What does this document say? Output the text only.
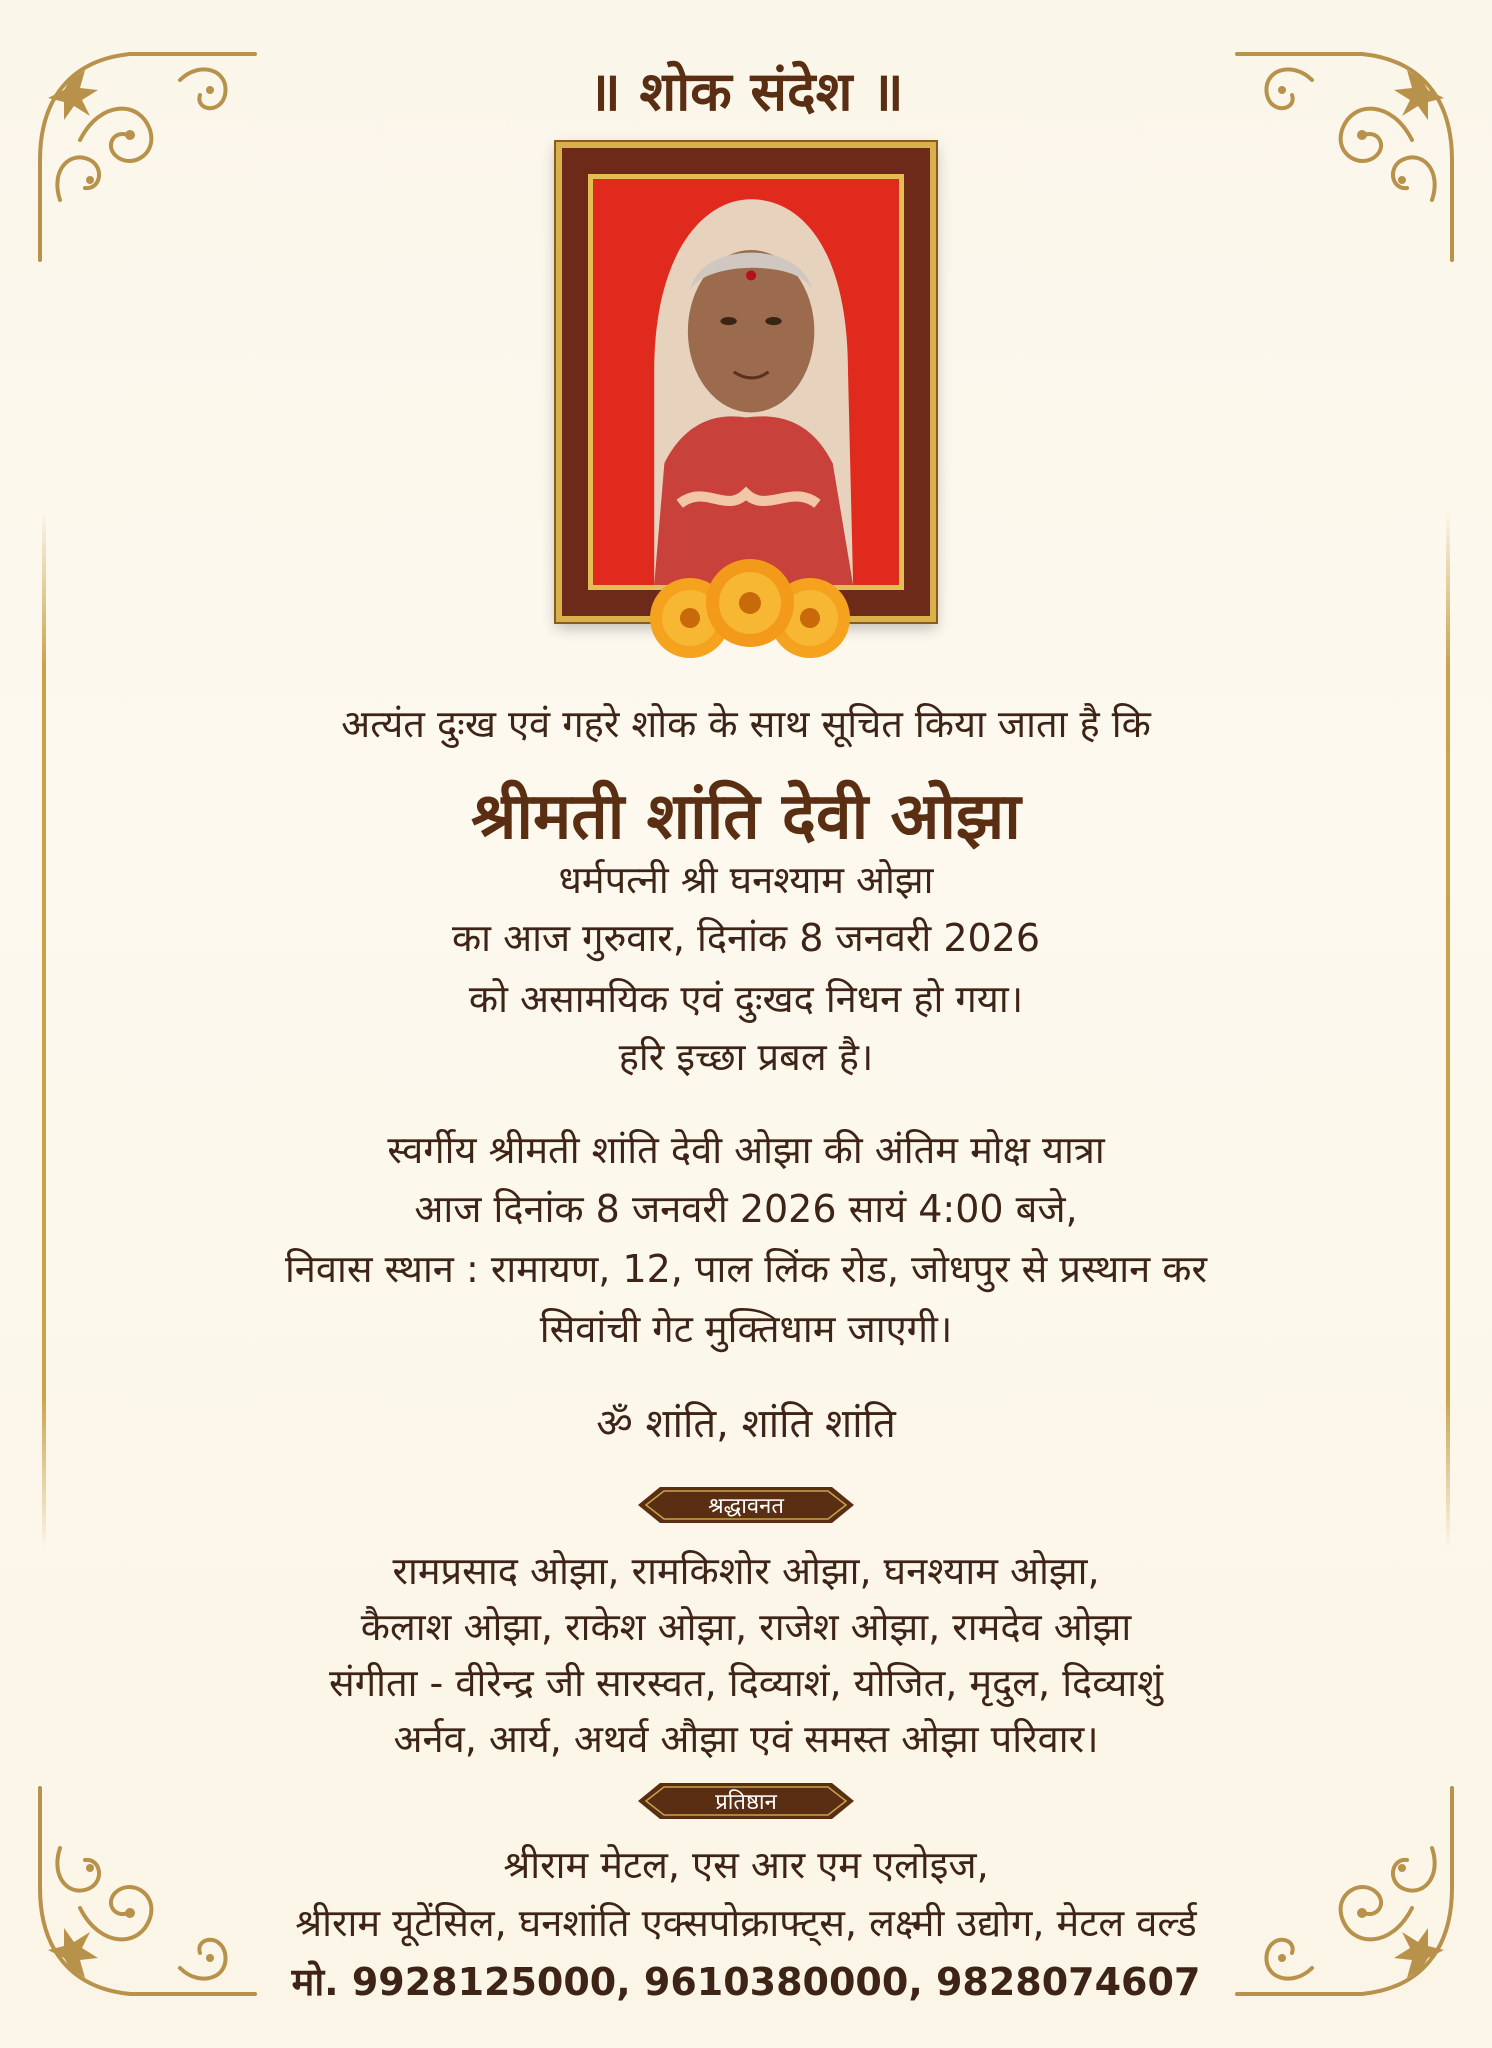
॥ शोक संदेश ॥
अत्यंत दुःख एवं गहरे शोक के साथ सूचित किया जाता है कि
श्रीमती शांति देवी ओझा
धर्मपत्नी श्री घनश्याम ओझा
का आज गुरुवार, दिनांक 8 जनवरी 2026
को असामयिक एवं दुःखद निधन हो गया।
हरि इच्छा प्रबल है।
स्वर्गीय श्रीमती शांति देवी ओझा की अंतिम मोक्ष यात्रा
आज दिनांक 8 जनवरी 2026 सायं 4:00 बजे,
निवास स्थान : रामायण, 12, पाल लिंक रोड, जोधपुर से प्रस्थान कर
सिवांची गेट मुक्तिधाम जाएगी।
ॐ शांति, शांति शांति
श्रद्धावनत
रामप्रसाद ओझा, रामकिशोर ओझा, घनश्याम ओझा,
कैलाश ओझा, राकेश ओझा, राजेश ओझा, रामदेव ओझा
संगीता - वीरेन्द्र जी सारस्वत, दिव्याशं, योजित, मृदुल, दिव्याशुं
अर्नव, आर्य, अथर्व औझा एवं समस्त ओझा परिवार।
प्रतिष्ठान
श्रीराम मेटल, एस आर एम एलोइज,
श्रीराम यूटेंसिल, घनशांति एक्सपोक्राफ्ट्स, लक्ष्मी उद्योग, मेटल वर्ल्ड
मो. 9928125000, 9610380000, 9828074607
